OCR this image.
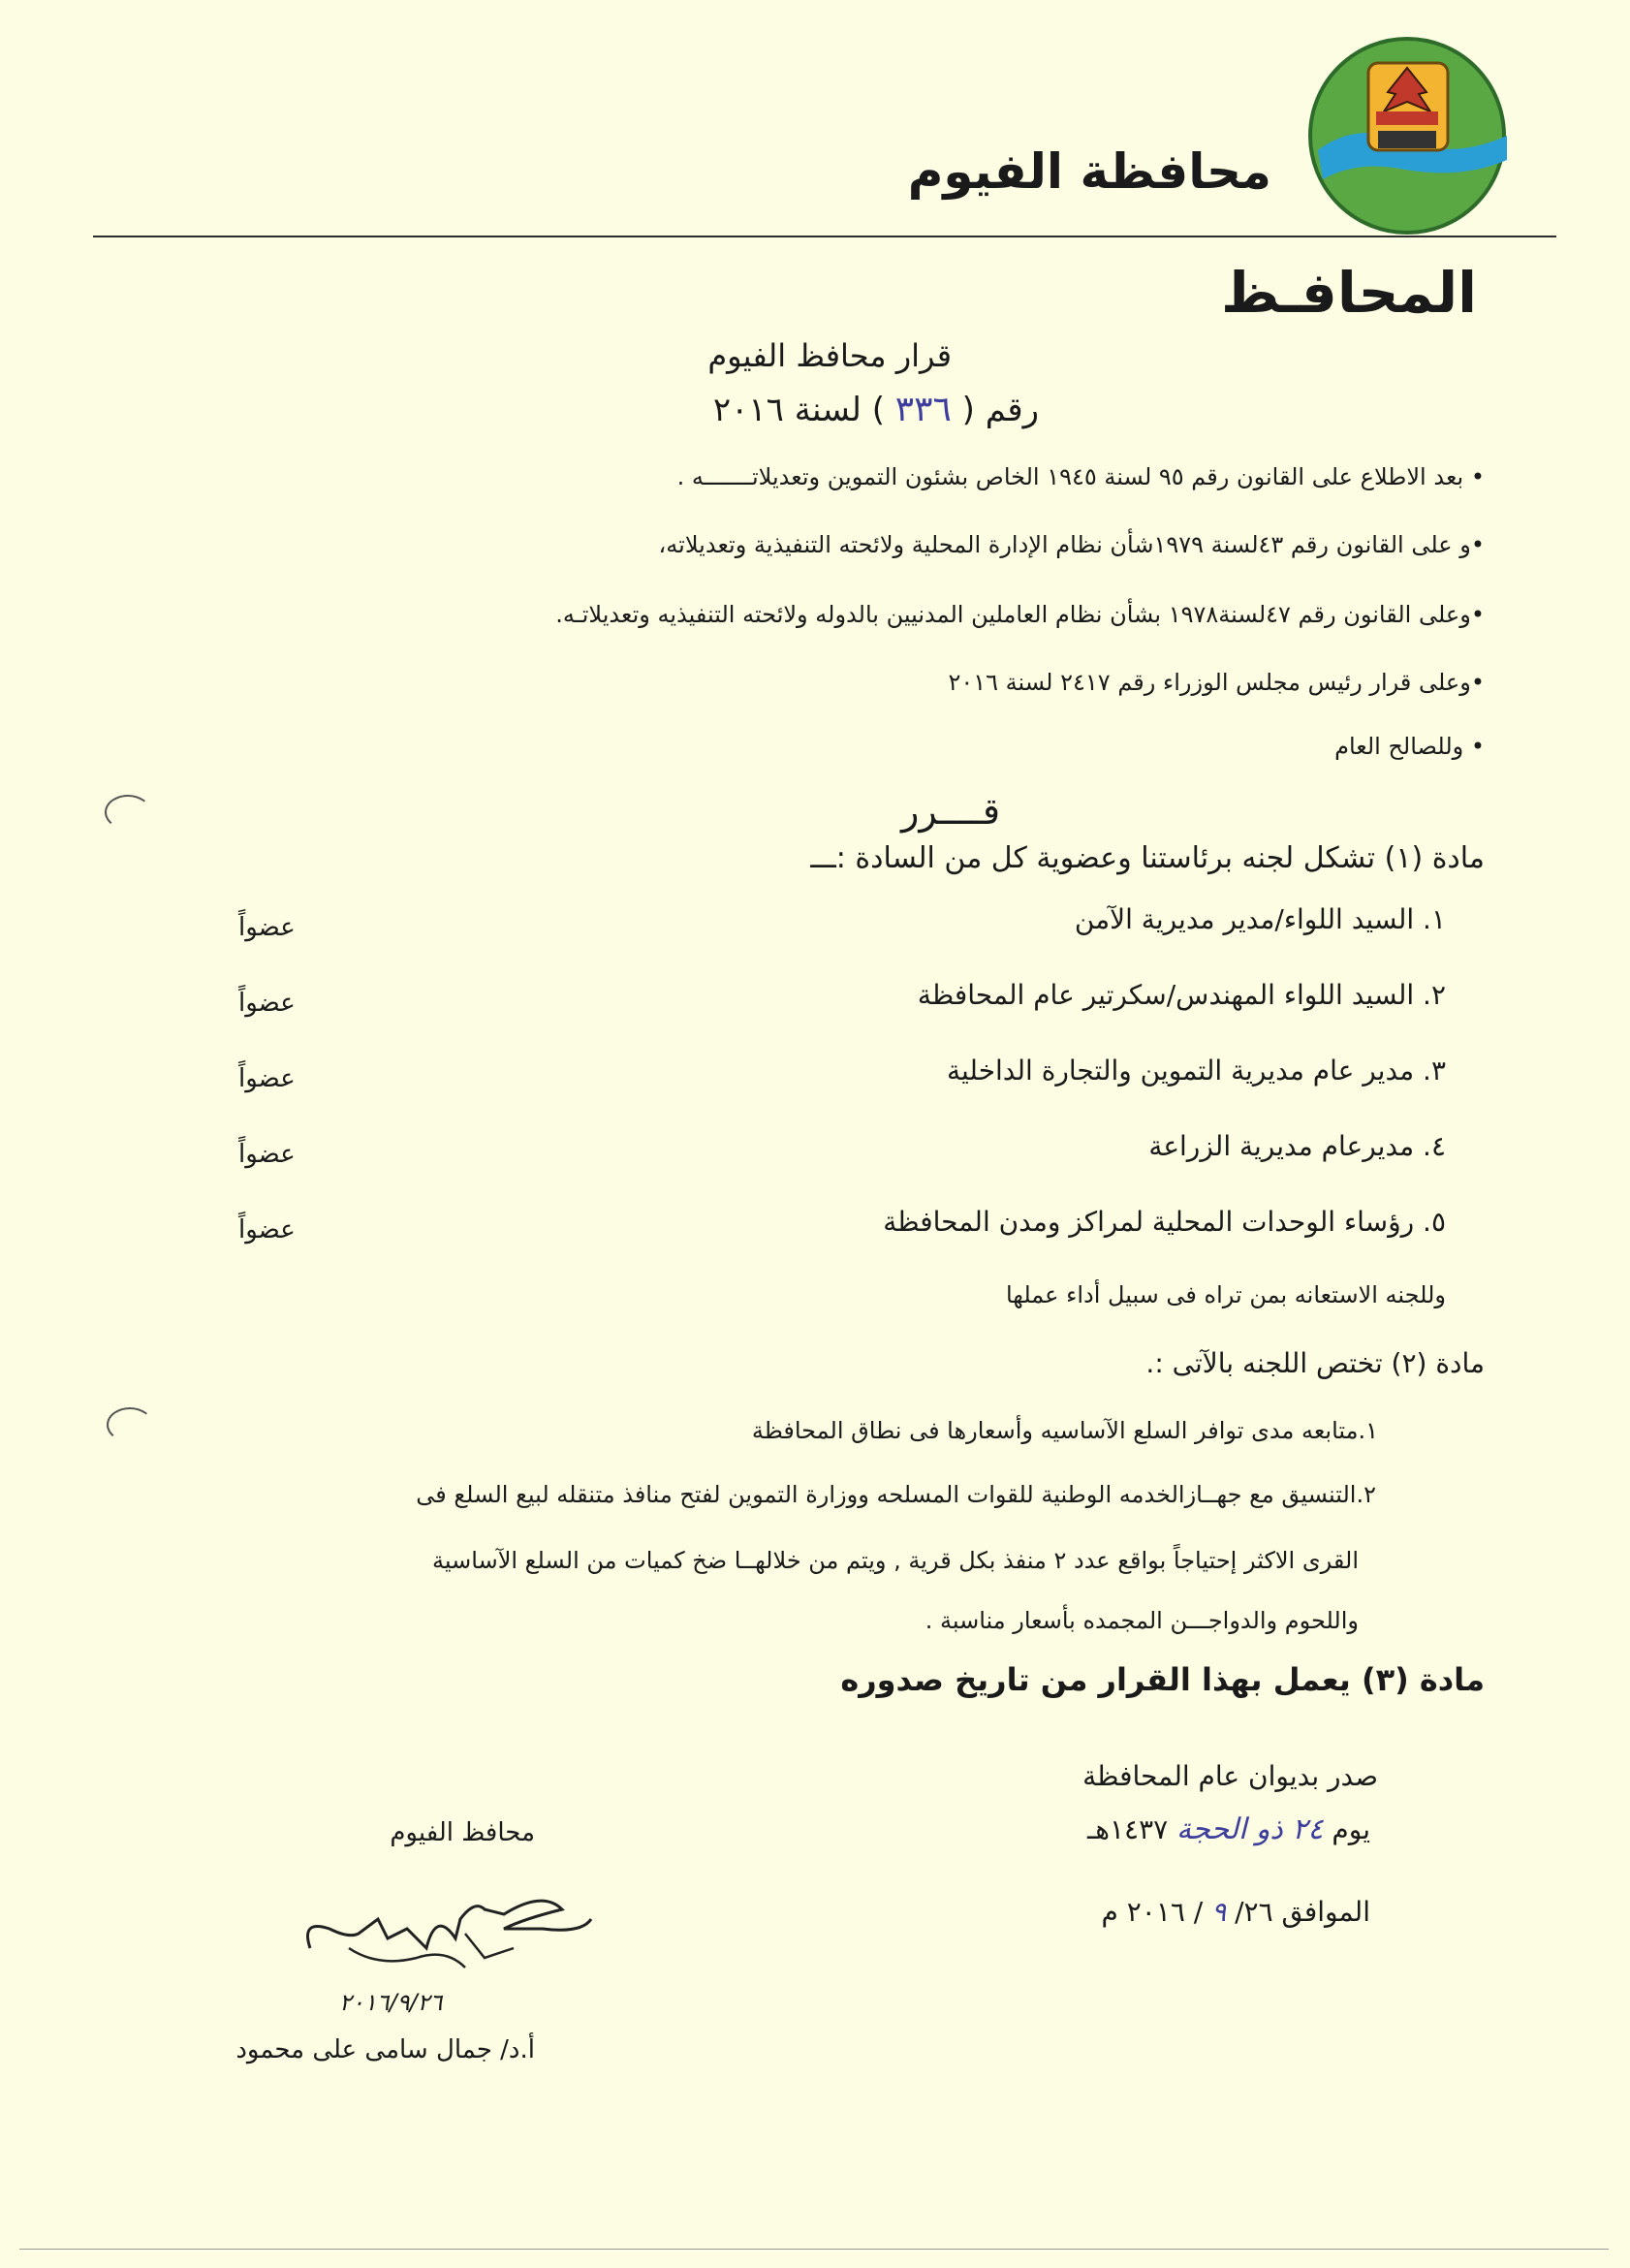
محافظة الفيوم
المحافـظ
قرار محافظ الفيوم
رقم ( ٣٣٦ ) لسنة ٢٠١٦
• بعد الاطلاع على القانون رقم ٩٥ لسنة ١٩٤٥ الخاص بشئون التموين وتعديلاتـــــــه .
•و على القانون رقم ٤٣لسنة ١٩٧٩شأن نظام الإدارة المحلية ولائحته التنفيذية وتعديلاته،
•وعلى القانون رقم ٤٧لسنة١٩٧٨ بشأن نظام العاملين المدنيين بالدوله ولائحته التنفيذيه وتعديلاتـه.
•وعلى قرار رئيس مجلس الوزراء رقم ٢٤١٧ لسنة ٢٠١٦
• وللصالح العام
قــــرر
مادة (١) تشكل لجنه برئاستنا وعضوية كل من السادة :ـــ
١. السيد اللواء/مدير مديرية الآمن
عضواً
٢. السيد اللواء المهندس/سكرتير عام المحافظة
عضواً
٣. مدير عام مديرية التموين والتجارة الداخلية
عضواً
٤. مديرعام مديرية الزراعة
عضواً
٥. رؤساء الوحدات المحلية لمراكز ومدن المحافظة
عضواً
وللجنه الاستعانه بمن تراه فى سبيل أداء عملها
مادة (٢) تختص اللجنه بالآتى :.
١.متابعه مدى توافر السلع الآساسيه وأسعارها فى نطاق المحافظة
٢.التنسيق مع جهــازالخدمه الوطنية للقوات المسلحه ووزارة التموين لفتح منافذ متنقله لبيع السلع فى
القرى الاكثر إحتياجاً بواقع عدد ٢ منفذ بكل قرية , ويتم من خلالهــا ضخ كميات من السلع الآساسية
واللحوم والدواجـــن المجمده بأسعار مناسبة .
مادة (٣) يعمل بهذا القرار من تاريخ صدوره
صدر بديوان عام المحافظة
يوم ٢٤ ذو الحجة ١٤٣٧هـ
الموافق ٢٦/ ٩ / ٢٠١٦ م
محافظ الفيوم
٢٠١٦/٩/٢٦
أ.د/ جمال سامى على محمود
